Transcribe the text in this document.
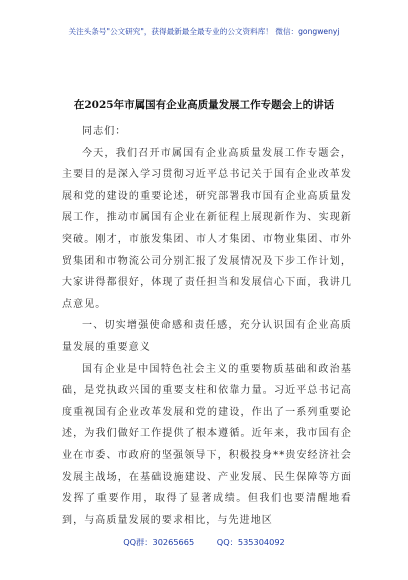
关注头条号"公文研究"，获得最新最全最专业的公文资料库！ 微信：gongwenyj
在2025年市属国有企业高质量发展工作专题会上的讲话

同志们：

今天，我们召开市属国有企业高质量发展工作专题会，主要目的是深入学习贯彻习近平总书记关于国有企业改革发展和党的建设的重要论述，研究部署我市国有企业高质量发展工作，推动市属国有企业在新征程上展现新作为、实现新突破。刚才，市旅发集团、市人才集团、市物业集团、市外贸集团和市物流公司分别汇报了发展情况及下步工作计划，大家讲得都很好，体现了责任担当和发展信心下面，我讲几点意见。

一、切实增强使命感和责任感，充分认识国有企业高质量发展的重要意义

国有企业是中国特色社会主义的重要物质基础和政治基础，是党执政兴国的重要支柱和依靠力量。习近平总书记高度重视国有企业改革发展和党的建设，作出了一系列重要论述，为我们做好工作提供了根本遵循。近年来，我市国有企业在市委、市政府的坚强领导下，积极投身**贵安经济社会发展主战场，在基础设施建设、产业发展、民生保障等方面发挥了重要作用，取得了显著成绩。但我们也要清醒地看到，与高质量发展的要求相比，与先进地区

QQ群：30265665	QQ：535304092
